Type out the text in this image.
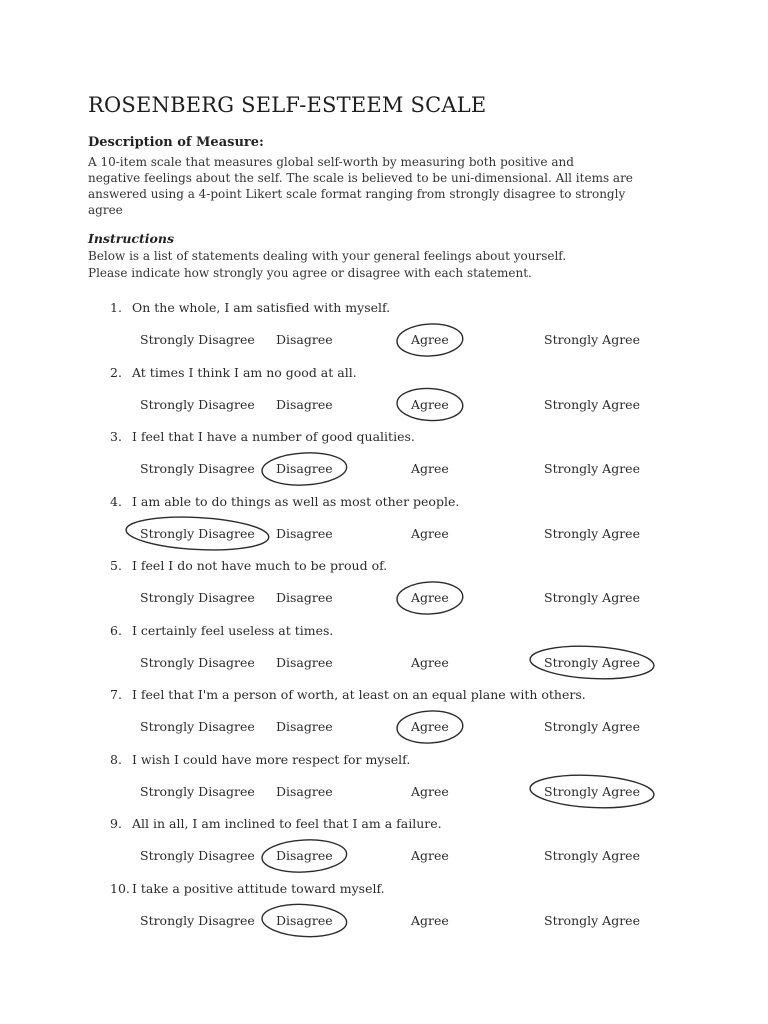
ROSENBERG SELF-ESTEEM SCALE
Description of Measure:
A 10-item scale that measures global self-worth by measuring both positive and
negative feelings about the self. The scale is believed to be uni-dimensional. All items are
answered using a 4-point Likert scale format ranging from strongly disagree to strongly
agree
Instructions
Below is a list of statements dealing with your general feelings about yourself.
Please indicate how strongly you agree or disagree with each statement.
1. On the whole, I am satisfied with myself.
Strongly Disagree Disagree	Agree	Strongly Agree
2. At times I think I am no good at all.
Strongly Disagree Disagree	Agree	Strongly Agree
3. I feel that I have a number of good qualities.
Strongly Disagree Disagree	Agree	Strongly Agree
4. I am able to do things as well as most other people.
Strongly Disagree Disagree	Agree	Strongly Agree
5. I feel I do not have much to be proud of.
Strongly Disagree Disagree	Agree	Strongly Agree
6. I certainly feel useless at times.
Strongly Disagree Disagree	Agree	Strongly Agree
7. I feel that I'm a person of worth, at least on an equal plane with others.
Strongly Disagree Disagree	Agree	Strongly Agree
8. I wish I could have more respect for myself.
Strongly Disagree Disagree	Agree	Strongly Agree
9. All in all, I am inclined to feel that I am a failure.
Strongly Disagree Disagree	Agree	Strongly Agree
10. I take a positive attitude toward myself.
Strongly Disagree Disagree	Agree	Strongly Agree
